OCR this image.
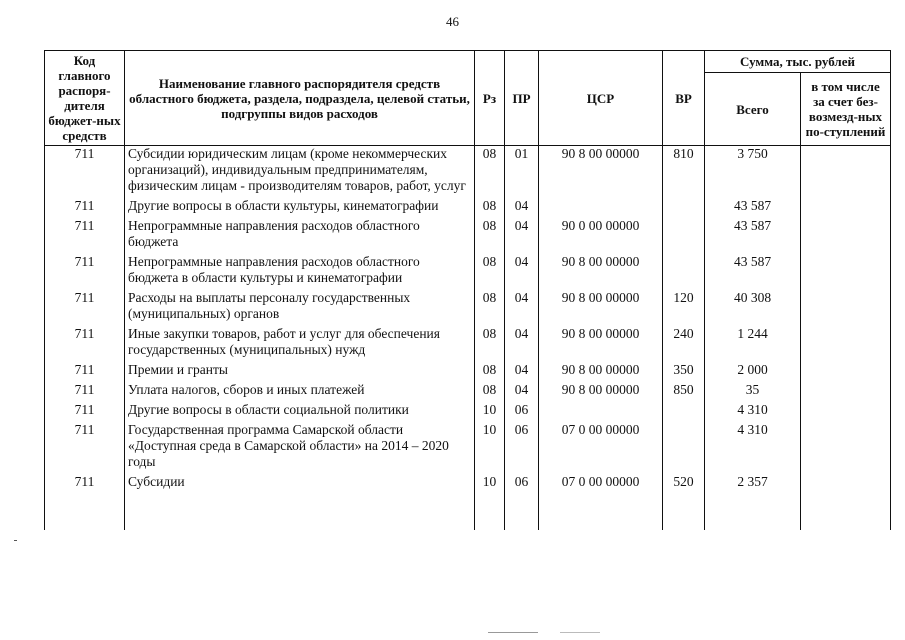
46
Код главного распоря-дителя бюджет-ных средств	Наименование главного распорядителя средств областного бюджета, раздела, подраздела, целевой статьи, подгруппы видов расходов	Рз	ПР	ЦСР	ВР	Сумма, тыс. рублей	
						Всего	в том числе за счет без-возмезд-ных по-ступлений
711	Субсидии юридическим лицам (кроме некоммерческих организаций), индивидуальным предпринимателям, физическим лицам - производителям товаров, работ, услуг	08	01	90 8 00 00000	810	3 750	
711	Другие вопросы в области культуры, кинематографии	08	04			43 587	
711	Непрограммные направления расходов областного бюджета	08	04	90 0 00 00000		43 587	
711	Непрограммные направления расходов областного бюджета в области культуры и кинематографии	08	04	90 8 00 00000		43 587	
711	Расходы на выплаты персоналу государственных (муниципальных) органов	08	04	90 8 00 00000	120	40 308	
711	Иные закупки товаров, работ и услуг для обеспечения государственных (муниципальных) нужд	08	04	90 8 00 00000	240	1 244	
711	Премии и гранты	08	04	90 8 00 00000	350	2 000	
711	Уплата налогов, сборов и иных платежей	08	04	90 8 00 00000	850	35	
711	Другие вопросы в области социальной политики	10	06			4 310	
711	Государственная программа Самарской области «Доступная среда в Самарской области» на 2014 – 2020 годы	10	06	07 0 00 00000		4 310	
711	Субсидии	10	06	07 0 00 00000	520	2 357	
